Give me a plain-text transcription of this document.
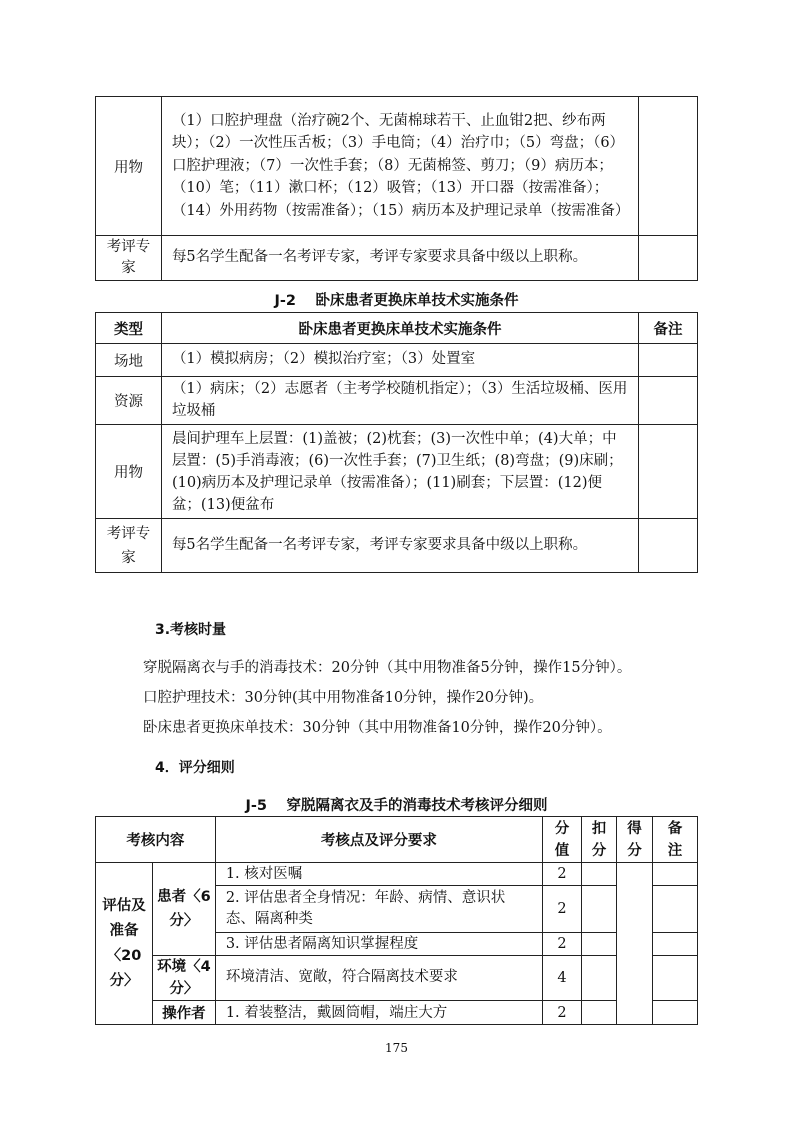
用物	（1）口腔护理盘（治疗碗2个、无菌棉球若干、止血钳2把、纱布两块）；（2）一次性压舌板；（3）手电筒；（4）治疗巾；（5）弯盘；（6）口腔护理液；（7）一次性手套；（8）无菌棉签、剪刀；（9）病历本；（10）笔；（11）漱口杯；（12）吸管；（13）开口器（按需准备）；（14）外用药物（按需准备）；（15）病历本及护理记录单（按需准备）	
考评专家	每5名学生配备一名考评专家，考评专家要求具备中级以上职称。	
J-2　 卧床患者更换床单技术实施条件
类型	卧床患者更换床单技术实施条件	备注
场地	（1）模拟病房；（2）模拟治疗室；（3）处置室	
资源	（1）病床；（2）志愿者（主考学校随机指定）；（3）生活垃圾桶、医用垃圾桶	
用物	晨间护理车上层置：(1)盖被；(2)枕套；(3)一次性中单；(4)大单；中层置：(5)手消毒液；(6)一次性手套；(7)卫生纸；(8)弯盘；(9)床刷；(10)病历本及护理记录单（按需准备）；(11)刷套；下层置：(12)便盆；(13)便盆布	
考评专家	每5名学生配备一名考评专家，考评专家要求具备中级以上职称。	
3.考核时量
穿脱隔离衣与手的消毒技术：20分钟（其中用物准备5分钟，操作15分钟）。
口腔护理技术：30分钟(其中用物准备10分钟，操作20分钟)。
卧床患者更换床单技术：30分钟（其中用物准备10分钟，操作20分钟）。
4．评分细则
J-5　 穿脱隔离衣及手的消毒技术考核评分细则
考核内容		考核点及评分要求	分值	扣分	得分	备注
评估及准备〈20分〉	患者〈6分〉	1. 核对医嘱	2			
		2. 评估患者全身情况：年龄、病情、意识状态、隔离种类	2			
		3. 评估患者隔离知识掌握程度	2			
	环境〈4分〉	环境清洁、宽敞，符合隔离技术要求	4			
	操作者	1. 着装整洁，戴圆筒帽，端庄大方	2			
175
